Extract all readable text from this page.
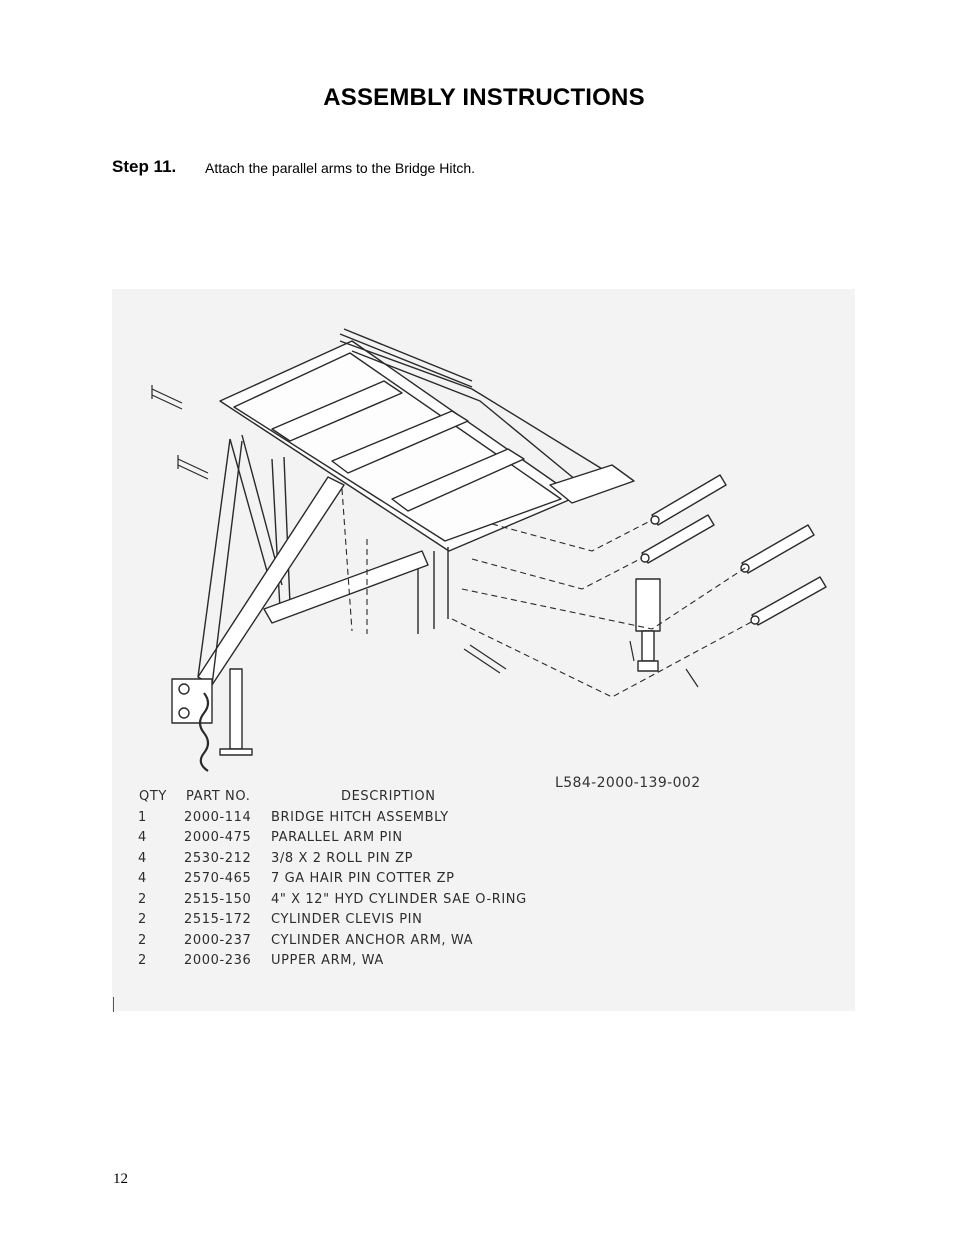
ASSEMBLY INSTRUCTIONS
Step 11. Attach the parallel arms to the Bridge Hitch.
L584-2000-139-002
QTY PART NO.	DESCRIPTION
1	2000-114 BRIDGE HITCH ASSEMBLY
4	2000-475 PARALLEL ARM PIN
4	2530-212 3/8 X 2 ROLL PIN ZP
4	2570-465 7 GA HAIR PIN COTTER ZP
2	2515-150 4" X 12" HYD CYLINDER SAE O-RING
2	2515-172 CYLINDER CLEVIS PIN
2	2000-237 CYLINDER ANCHOR ARM, WA
2	2000-236 UPPER ARM, WA
12
